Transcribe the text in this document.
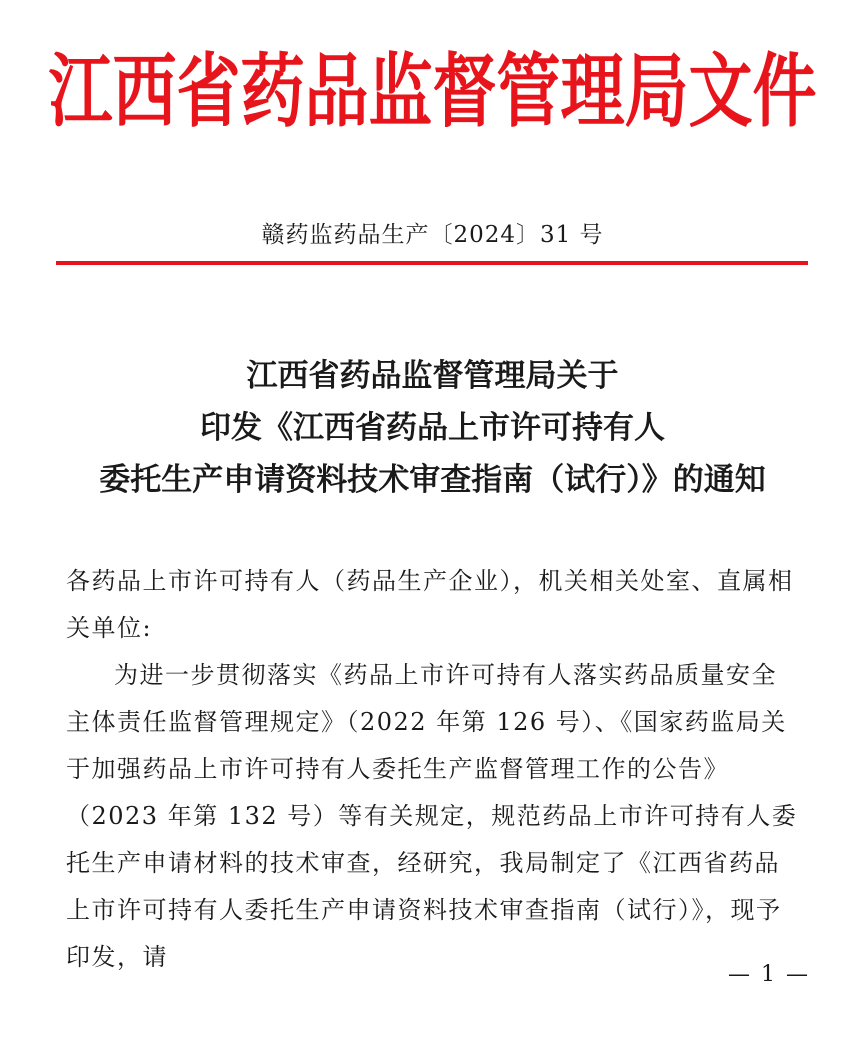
江西省药品监督管理局文件
赣药监药品生产〔2024〕31 号
江西省药品监督管理局关于
印发《江西省药品上市许可持有人
委托生产申请资料技术审查指南（试行）》的通知

各药品上市许可持有人（药品生产企业），机关相关处室、直属相关单位:

为进一步贯彻落实《药品上市许可持有人落实药品质量安全主体责任监督管理规定》（2022 年第 126 号）、《国家药监局关于加强药品上市许可持有人委托生产监督管理工作的公告》（2023 年第 132 号）等有关规定，规范药品上市许可持有人委托生产申请材料的技术审查，经研究，我局制定了《江西省药品上市许可持有人委托生产申请资料技术审查指南（试行）》，现予印发，请

— 1 —
